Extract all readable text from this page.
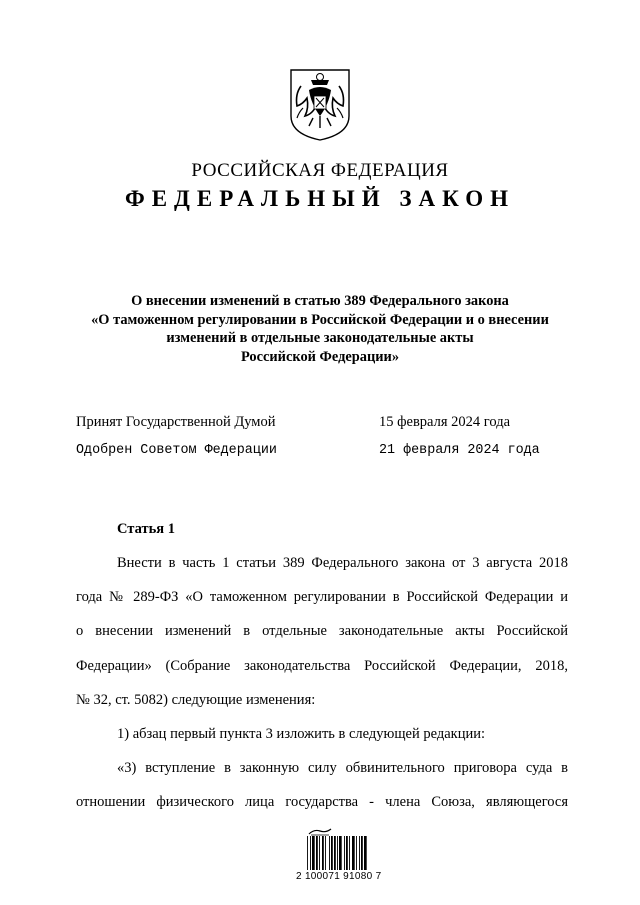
РОССИЙСКАЯ ФЕДЕРАЦИЯ
ФЕДЕРАЛЬНЫЙ ЗАКОН
О внесении изменений в статью 389 Федерального закона
«О таможенном регулировании в Российской Федерации и о внесении
изменений в отдельные законодательные акты
Российской Федерации»
Принят Государственной Думой	15 февраля 2024 года
Одобрен Советом Федерации	21 февраля 2024 года
Статья 1
Внести в часть 1 статьи 389 Федерального закона от 3 августа 2018
года № 289-ФЗ «О таможенном регулировании в Российской Федерации и
о внесении изменений в отдельные законодательные акты Российской
Федерации» (Собрание законодательства Российской Федерации, 2018,
№ 32, ст. 5082) следующие изменения:
1) абзац первый пункта 3 изложить в следующей редакции:
«3) вступление в законную силу обвинительного приговора суда в
отношении физического лица государства - члена Союза, являющегося
2 100071 91080 7
